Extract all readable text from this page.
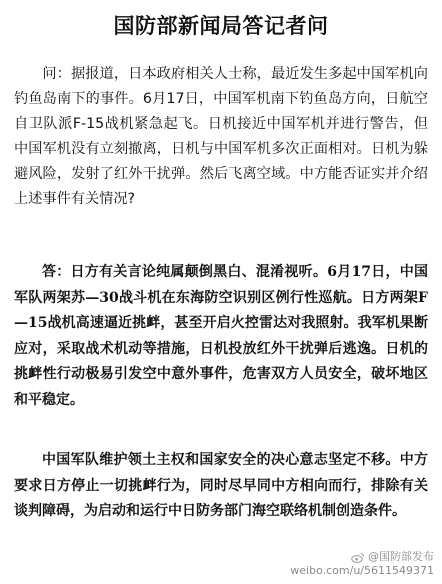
国防部新闻局答记者问

问：据报道，日本政府相关人士称，最近发生多起中国军机向钓鱼岛南下的事件。6月17日，中国军机南下钓鱼岛方向，日航空自卫队派F-15战机紧急起飞。日机接近中国军机并进行警告，但中国军机没有立刻撤离，日机与中国军机多次正面相对。日机为躲避风险，发射了红外干扰弹。然后飞离空域。中方能否证实并介绍上述事件有关情况?

答：日方有关言论纯属颠倒黑白、混淆视听。6月17日，中国军队两架苏—30战斗机在东海防空识别区例行性巡航。日方两架F—15战机高速逼近挑衅，甚至开启火控雷达对我照射。我军机果断应对，采取战术机动等措施，日机投放红外干扰弹后逃逸。日机的挑衅性行动极易引发空中意外事件，危害双方人员安全，破坏地区和平稳定。

中国军队维护领土主权和国家安全的决心意志坚定不移。中方要求日方停止一切挑衅行为，同时尽早同中方相向而行，排除有关谈判障碍，为启动和运行中日防务部门海空联络机制创造条件。

@国防部发布
weibo.com/u/5611549371
